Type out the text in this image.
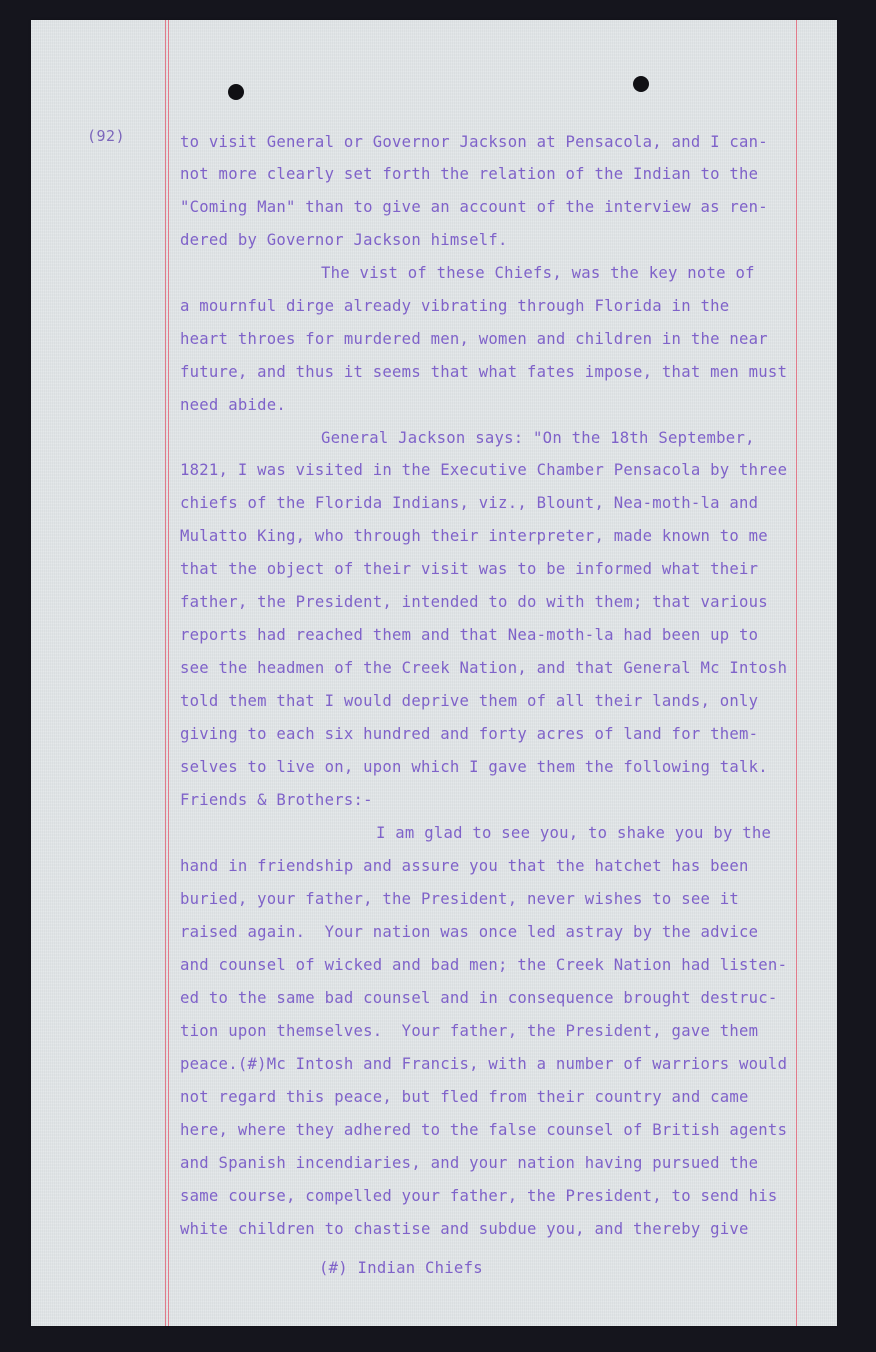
(92)	to visit General or Governor Jackson at Pensacola, and I can-
not more clearly set forth the relation of the Indian to the
"Coming Man" than to give an account of the interview as ren-
dered by Governor Jackson himself.
The vist of these Chiefs, was the key note of
a mournful dirge already vibrating through Florida in the
heart throes for murdered men, women and children in the near
future, and thus it seems that what fates impose, that men must
need abide.
General Jackson says: "On the 18th September,
1821, I was visited in the Executive Chamber Pensacola by three
chiefs of the Florida Indians, viz., Blount, Nea-moth-la and
Mulatto King, who through their interpreter, made known to me
that the object of their visit was to be informed what their
father, the President, intended to do with them; that various
reports had reached them and that Nea-moth-la had been up to
see the headmen of the Creek Nation, and that General Mc Intosh
told them that I would deprive them of all their lands, only
giving to each six hundred and forty acres of land for them-
selves to live on, upon which I gave them the following talk.
Friends & Brothers:-
I am glad to see you, to shake you by the
hand in friendship and assure you that the hatchet has been
buried, your father, the President, never wishes to see it
raised again.  Your nation was once led astray by the advice
and counsel of wicked and bad men; the Creek Nation had listen-
ed to the same bad counsel and in consequence brought destruc-
tion upon themselves.  Your father, the President, gave them
peace.(#)Mc Intosh and Francis, with a number of warriors would
not regard this peace, but fled from their country and came
here, where they adhered to the false counsel of British agents
and Spanish incendiaries, and your nation having pursued the
same course, compelled your father, the President, to send his
white children to chastise and subdue you, and thereby give
(#) Indian Chiefs
